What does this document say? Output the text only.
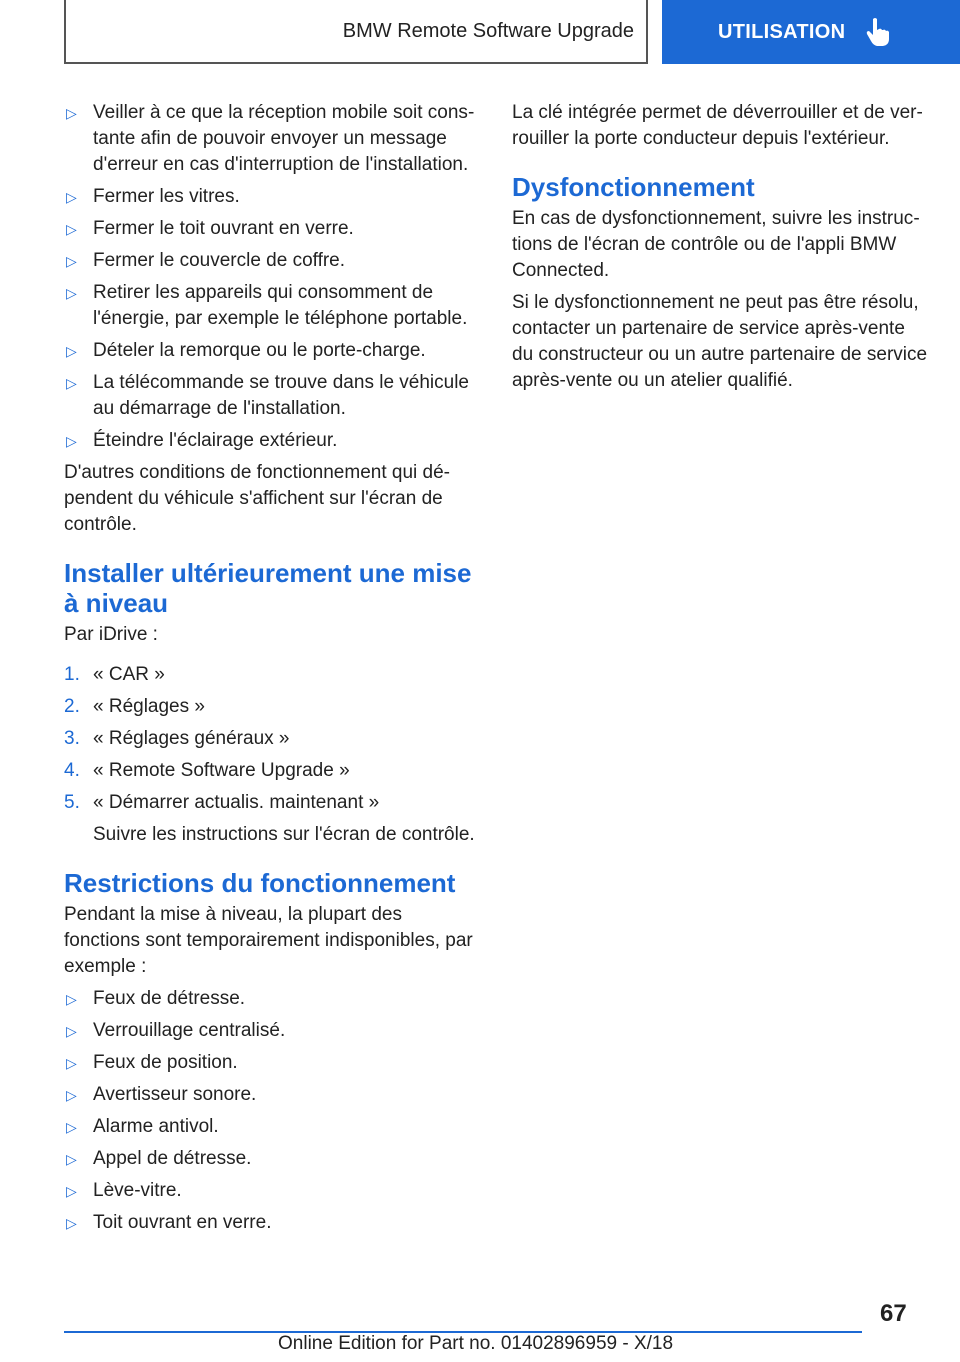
BMW Remote Software Upgrade	UTILISATION
▷ Veiller à ce que la réception mobile soit constante afin de pouvoir envoyer un message d'erreur en cas d'interruption de l'installation.
▷ Fermer les vitres.
▷ Fermer le toit ouvrant en verre.
▷ Fermer le couvercle de coffre.
▷ Retirer les appareils qui consomment de l'énergie, par exemple le téléphone portable.
▷ Dételer la remorque ou le porte-charge.
▷ La télécommande se trouve dans le véhicule au démarrage de l'installation.
▷ Éteindre l'éclairage extérieur.

D'autres conditions de fonctionnement qui dépendent du véhicule s'affichent sur l'écran de contrôle.

Installer ultérieurement une mise à niveau

Par iDrive :

1. « CAR »
2. « Réglages »
3. « Réglages généraux »
4. « Remote Software Upgrade »
5. « Démarrer actualis. maintenant »

Suivre les instructions sur l'écran de contrôle.

Restrictions du fonctionnement

Pendant la mise à niveau, la plupart des fonctions sont temporairement indisponibles, par exemple :

▷ Feux de détresse.
▷ Verrouillage centralisé.
▷ Feux de position.
▷ Avertisseur sonore.
▷ Alarme antivol.
▷ Appel de détresse.
▷ Lève-vitre.
▷ Toit ouvrant en verre.

La clé intégrée permet de déverrouiller et de verrouiller la porte conducteur depuis l'extérieur.

Dysfonctionnement

En cas de dysfonctionnement, suivre les instructions de l'écran de contrôle ou de l'appli BMW Connected.

Si le dysfonctionnement ne peut pas être résolu, contacter un partenaire de service après-vente du constructeur ou un autre partenaire de service après-vente ou un atelier qualifié.

67
Online Edition for Part no. 01402896959 - X/18
